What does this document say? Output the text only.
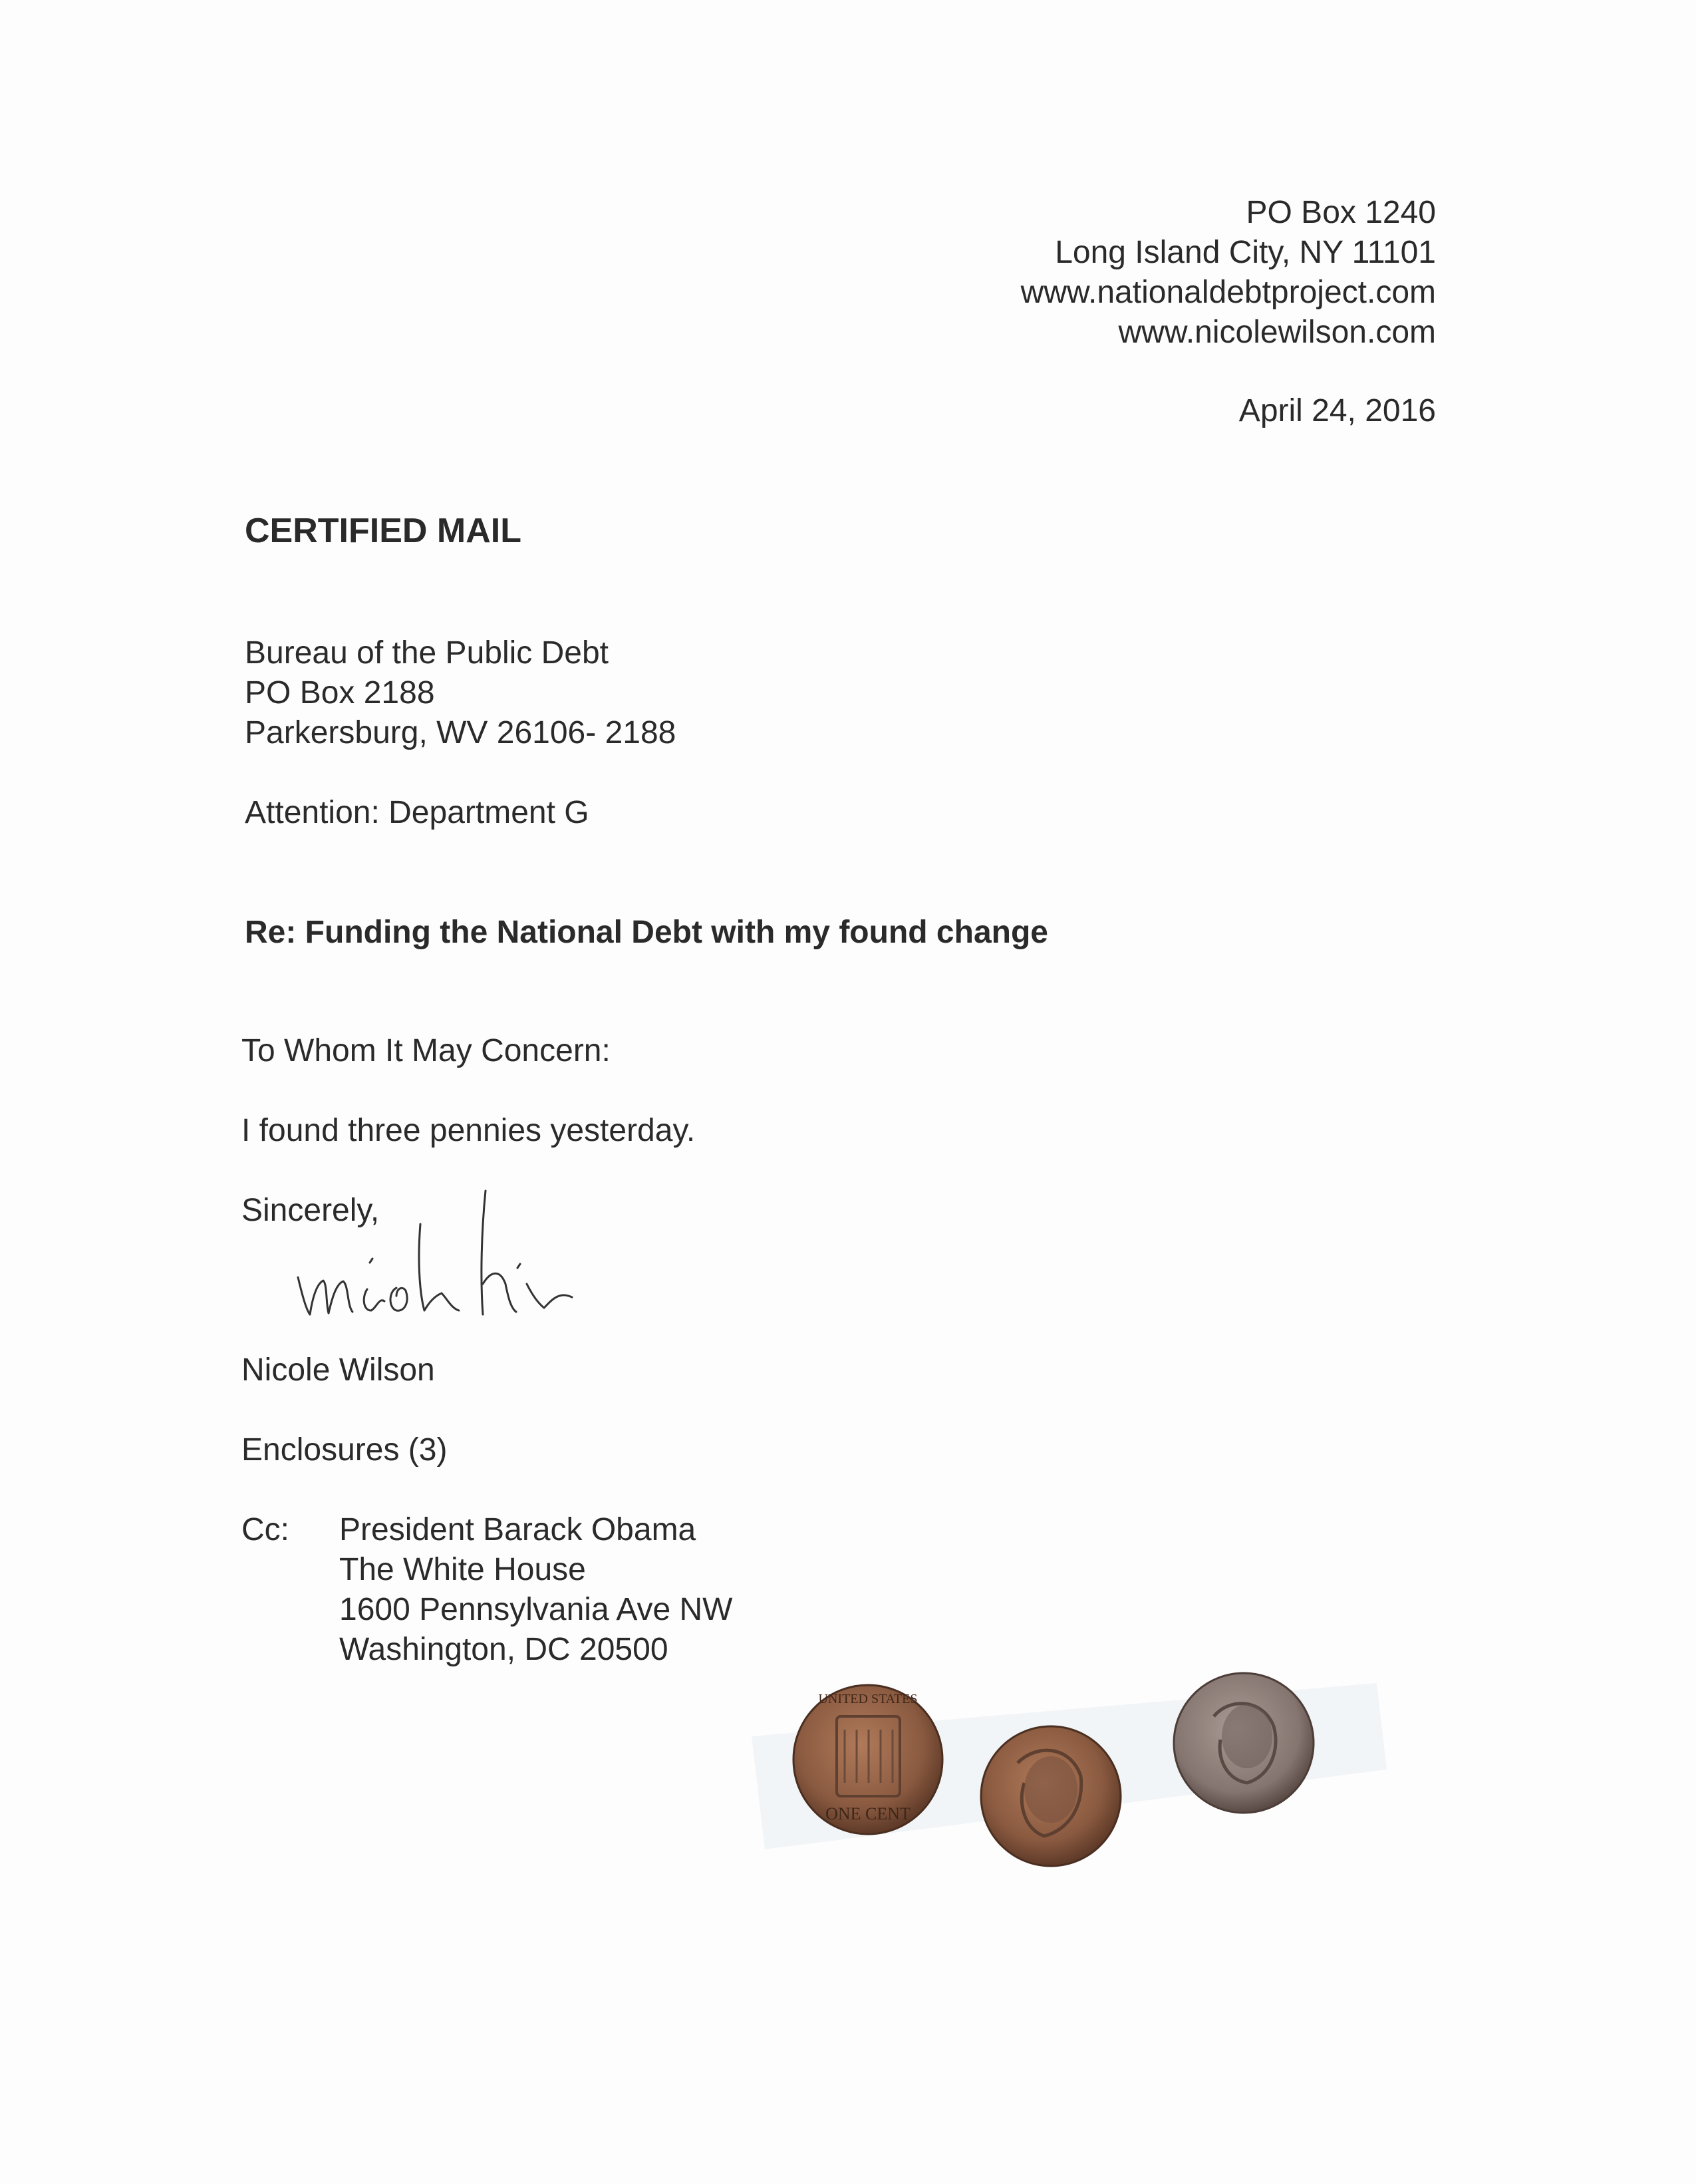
PO Box 1240
Long Island City, NY 11101
www.nationaldebtproject.com
www.nicolewilson.com
April 24, 2016
CERTIFIED MAIL
Bureau of the Public Debt
PO Box 2188
Parkersburg, WV 26106- 2188
Attention: Department G
Re: Funding the National Debt with my found change
To Whom It May Concern:
I found three pennies yesterday.
Sincerely,
Nicole Wilson
Enclosures (3)
Cc: President Barack Obama
The White House
1600 Pennsylvania Ave NW
Washington, DC 20500
ONE CENT
UNITED STATES
